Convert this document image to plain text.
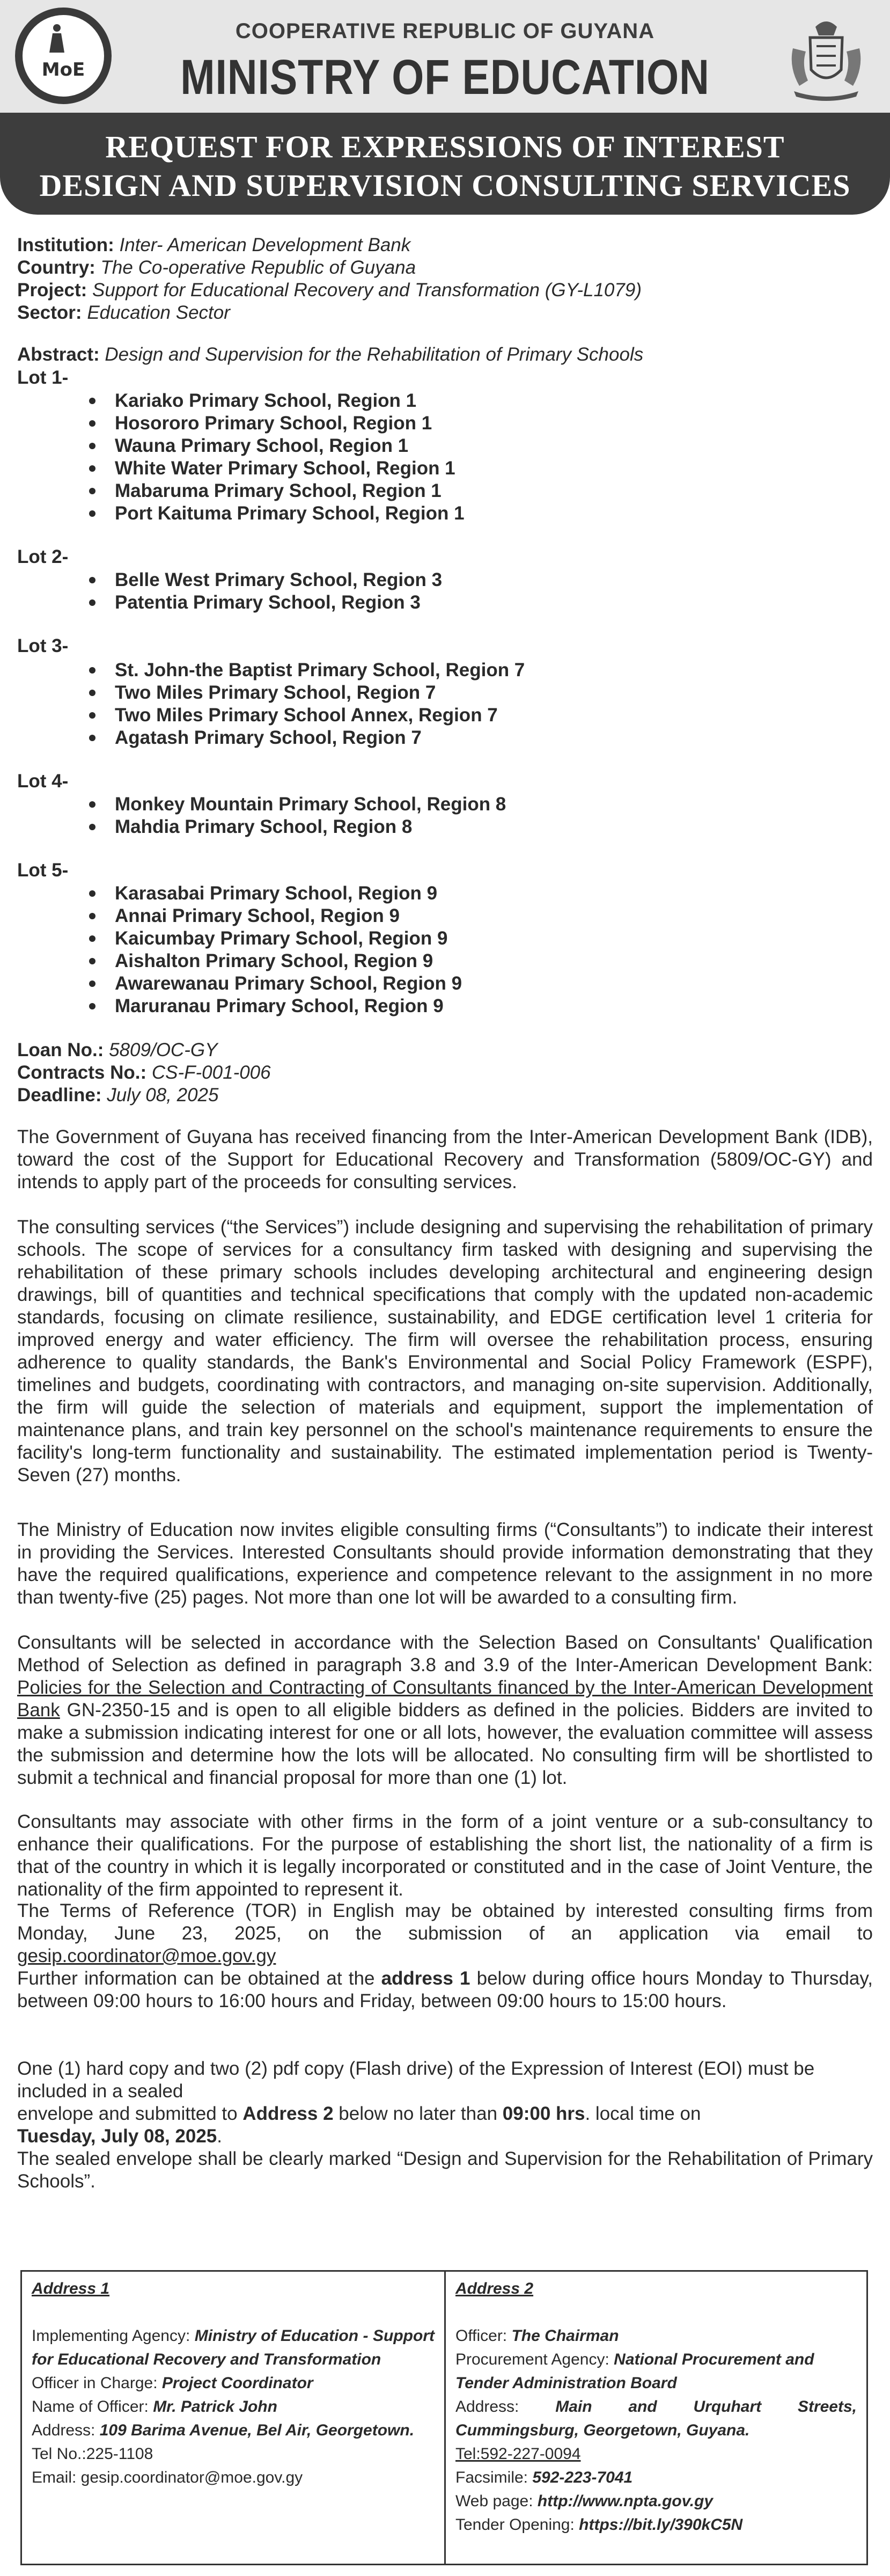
MoE
COOPERATIVE REPUBLIC OF GUYANA
MINISTRY OF EDUCATION
REQUEST FOR EXPRESSIONS OF INTEREST
DESIGN AND SUPERVISION CONSULTING SERVICES

Institution: Inter- American Development Bank

Country: The Co-operative Republic of Guyana

Project: Support for Educational Recovery and Transformation (GY-L1079)

Sector: Education Sector

Abstract: Design and Supervision for the Rehabilitation of Primary Schools

Lot 1-
Kariako Primary School, Region 1
Hosororo Primary School, Region 1
Wauna Primary School, Region 1
White Water Primary School, Region 1
Mabaruma Primary School, Region 1
Port Kaituma Primary School, Region 1
Lot 2-
Belle West Primary School, Region 3
Patentia Primary School, Region 3
Lot 3-
St. John-the Baptist Primary School, Region 7
Two Miles Primary School, Region 7
Two Miles Primary School Annex, Region 7
Agatash Primary School, Region 7
Lot 4-
Monkey Mountain Primary School, Region 8
Mahdia Primary School, Region 8
Lot 5-
Karasabai Primary School, Region 9
Annai Primary School, Region 9
Kaicumbay Primary School, Region 9
Aishalton Primary School, Region 9
Awarewanau Primary School, Region 9
Maruranau Primary School, Region 9

Loan No.: 5809/OC-GY

Contracts No.: CS-F-001-006

Deadline: July 08, 2025

The Government of Guyana has received financing from the Inter-American Development Bank (IDB), toward the cost of the Support for Educational Recovery and Transformation (5809/OC-GY) and intends to apply part of the proceeds for consulting services.

The consulting services (“the Services”) include designing and supervising the rehabilitation of primary schools. The scope of services for a consultancy firm tasked with designing and supervising the rehabilitation of these primary schools includes developing architectural and engineering design drawings, bill of quantities and technical specifications that comply with the updated non-academic standards, focusing on climate resilience, sustainability, and EDGE certification level 1 criteria for improved energy and water efficiency. The firm will oversee the rehabilitation process, ensuring adherence to quality standards, the Bank's Environmental and Social Policy Framework (ESPF), timelines and budgets, coordinating with contractors, and managing on-site supervision. Additionally, the firm will guide the selection of materials and equipment, support the implementation of maintenance plans, and train key personnel on the school's maintenance requirements to ensure the facility's long-term functionality and sustainability. The estimated implementation period is Twenty- Seven (27) months.

The Ministry of Education now invites eligible consulting firms (“Consultants”) to indicate their interest in providing the Services. Interested Consultants should provide information demonstrating that they have the required qualifications, experience and competence relevant to the assignment in no more than twenty-five (25) pages. Not more than one lot will be awarded to a consulting firm.

Consultants will be selected in accordance with the Selection Based on Consultants' Qualification Method of Selection as defined in paragraph 3.8 and 3.9 of the Inter-American Development Bank: Policies for the Selection and Contracting of Consultants financed by the Inter-American Development Bank GN-2350-15 and is open to all eligible bidders as defined in the policies. Bidders are invited to make a submission indicating interest for one or all lots, however, the evaluation committee will assess the submission and determine how the lots will be allocated. No consulting firm will be shortlisted to submit a technical and financial proposal for more than one (1) lot.

Consultants may associate with other firms in the form of a joint venture or a sub-consultancy to enhance their qualifications. For the purpose of establishing the short list, the nationality of a firm is that of the country in which it is legally incorporated or constituted and in the case of Joint Venture, the nationality of the firm appointed to represent it.

The Terms of Reference (TOR) in English may be obtained by interested consulting firms from Monday, June 23, 2025, on the submission of an application via email to gesip.coordinator@moe.gov.gy

Further information can be obtained at the address 1 below during office hours Monday to Thursday, between 09:00 hours to 16:00 hours and Friday, between 09:00 hours to 15:00 hours.

One (1) hard copy and two (2) pdf copy (Flash drive) of the Expression of Interest (EOI) must be included in a sealed
envelope and submitted to Address 2 below no later than 09:00 hrs. local time on
Tuesday, July 08, 2025.

The sealed envelope shall be clearly marked “Design and Supervision for the Rehabilitation of Primary Schools”.

Address 1

Implementing Agency: Ministry of Education - Support for Educational Recovery and Transformation

Officer in Charge: Project Coordinator

Name of Officer: Mr. Patrick John

Address: 109 Barima Avenue, Bel Air, Georgetown.

Tel No.:225-1108

Email: gesip.coordinator@moe.gov.gy

Address 2

Officer: The Chairman

Procurement Agency: National Procurement and Tender Administration Board

Address: Main and Urquhart Streets, Cummingsburg, Georgetown, Guyana.

Tel:592-227-0094

Facsimile: 592-223-7041

Web page: http://www.npta.gov.gy

Tender Opening: https://bit.ly/390kC5N
